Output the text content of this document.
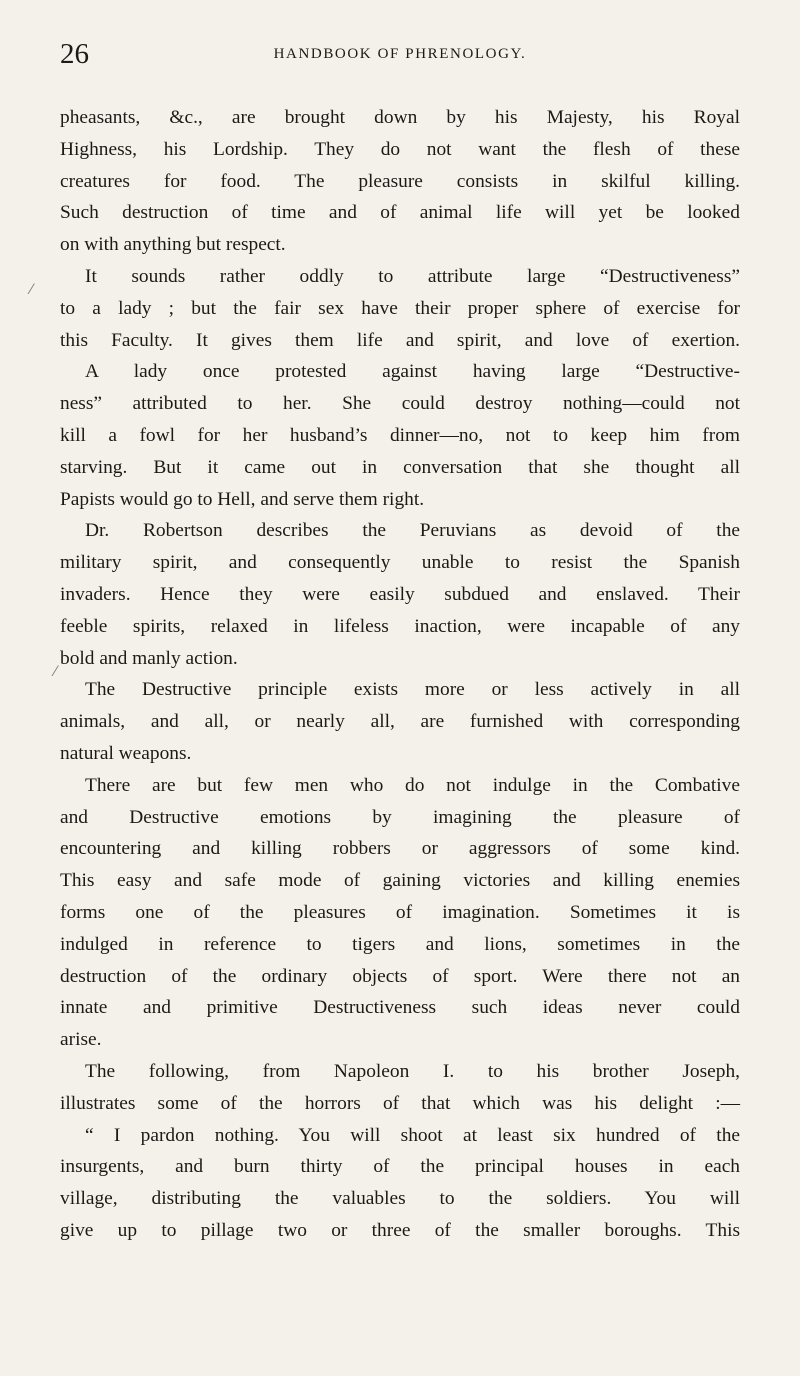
26	HANDBOOK OF PHRENOLOGY.
⁄
⁄
pheasants, &c., are brought down by his Majesty, his Royal
Highness, his Lordship. They do not want the flesh of these
creatures for food. The pleasure consists in skilful killing.
Such destruction of time and of animal life will yet be looked
on with anything but respect.
It sounds rather oddly to attribute large “Destructiveness”
to a lady ; but the fair sex have their proper sphere of exercise for
this Faculty. It gives them life and spirit, and love of exertion.
A lady once protested against having large “Destructive-
ness” attributed to her. She could destroy nothing—could not
kill a fowl for her husband’s dinner—no, not to keep him from
starving. But it came out in conversation that she thought all
Papists would go to Hell, and serve them right.
Dr. Robertson describes the Peruvians as devoid of the
military spirit, and consequently unable to resist the Spanish
invaders. Hence they were easily subdued and enslaved. Their
feeble spirits, relaxed in lifeless inaction, were incapable of any
bold and manly action.
The Destructive principle exists more or less actively in all
animals, and all, or nearly all, are furnished with corresponding
natural weapons.
There are but few men who do not indulge in the Combative
and Destructive emotions by imagining the pleasure of
encountering and killing robbers or aggressors of some kind.
This easy and safe mode of gaining victories and killing enemies
forms one of the pleasures of imagination. Sometimes it is
indulged in reference to tigers and lions, sometimes in the
destruction of the ordinary objects of sport. Were there not an
innate and primitive Destructiveness such ideas never could
arise.
The following, from Napoleon I. to his brother Joseph,
illustrates some of the horrors of that which was his delight :—
“ I pardon nothing. You will shoot at least six hundred of the
insurgents, and burn thirty of the principal houses in each
village, distributing the valuables to the soldiers. You will
give up to pillage two or three of the smaller boroughs. This
